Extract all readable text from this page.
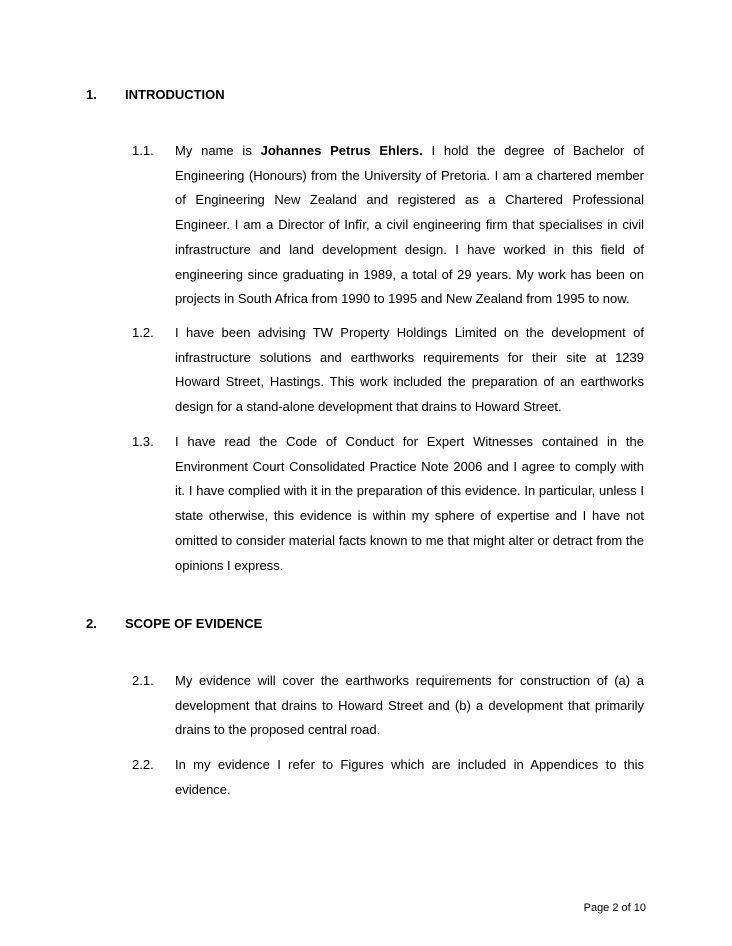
1. INTRODUCTION
1.1. My name is Johannes Petrus Ehlers. I hold the degree of Bachelor of Engineering (Honours) from the University of Pretoria. I am a chartered member of Engineering New Zealand and registered as a Chartered Professional Engineer. I am a Director of Infîr, a civil engineering firm that specialises in civil infrastructure and land development design. I have worked in this field of engineering since graduating in 1989, a total of 29 years. My work has been on projects in South Africa from 1990 to 1995 and New Zealand from 1995 to now.
1.2. I have been advising TW Property Holdings Limited on the development of infrastructure solutions and earthworks requirements for their site at 1239 Howard Street, Hastings. This work included the preparation of an earthworks design for a stand-alone development that drains to Howard Street.
1.3. I have read the Code of Conduct for Expert Witnesses contained in the Environment Court Consolidated Practice Note 2006 and I agree to comply with it. I have complied with it in the preparation of this evidence. In particular, unless I state otherwise, this evidence is within my sphere of expertise and I have not omitted to consider material facts known to me that might alter or detract from the opinions I express.
2. SCOPE OF EVIDENCE
2.1. My evidence will cover the earthworks requirements for construction of (a) a development that drains to Howard Street and (b) a development that primarily drains to the proposed central road.
2.2. In my evidence I refer to Figures which are included in Appendices to this evidence.
Page 2 of 10
